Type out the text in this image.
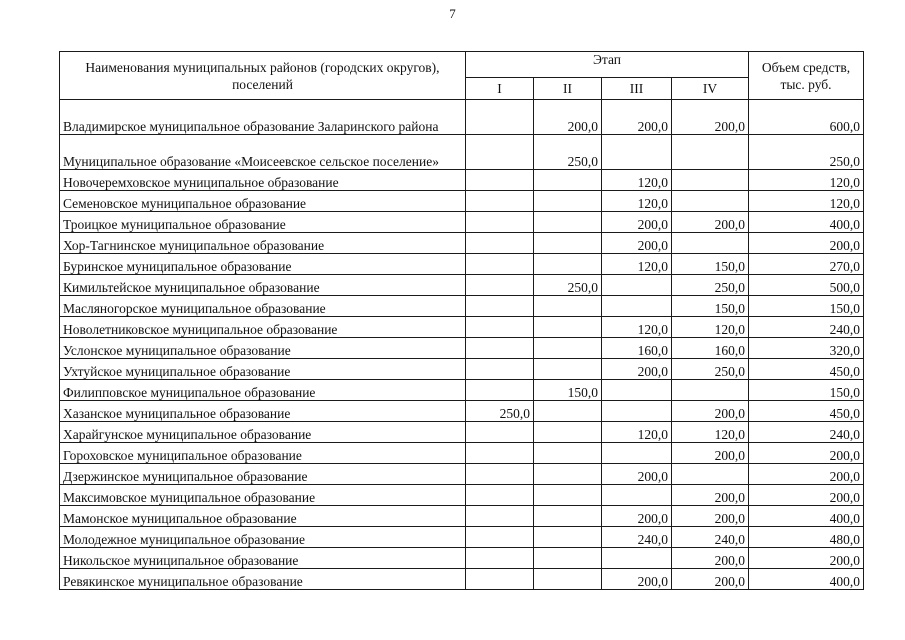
7
Наименования муниципальных районов (городских округов), поселений	Этап				Объем средств, тыс. руб.
	I	II	III	IV	
Владимирское муниципальное образование Заларинского района		200,0	200,0	200,0	600,0
Муниципальное образование «Моисеевское сельское поселение»		250,0			250,0
Новочеремховское муниципальное образование			120,0		120,0
Семеновское муниципальное образование			120,0		120,0
Троицкое муниципальное образование			200,0	200,0	400,0
Хор-Тагнинское муниципальное образование			200,0		200,0
Буринское муниципальное образование			120,0	150,0	270,0
Кимильтейское муниципальное образование		250,0		250,0	500,0
Масляногорское муниципальное образование				150,0	150,0
Новолетниковское муниципальное образование			120,0	120,0	240,0
Услонское муниципальное образование			160,0	160,0	320,0
Ухтуйское муниципальное образование			200,0	250,0	450,0
Филипповское муниципальное образование		150,0			150,0
Хазанское муниципальное образование	250,0			200,0	450,0
Харайгунское муниципальное образование			120,0	120,0	240,0
Гороховское муниципальное образование				200,0	200,0
Дзержинское муниципальное образование			200,0		200,0
Максимовское муниципальное образование				200,0	200,0
Мамонское муниципальное образование			200,0	200,0	400,0
Молодежное муниципальное образование			240,0	240,0	480,0
Никольское муниципальное образование				200,0	200,0
Ревякинское муниципальное образование			200,0	200,0	400,0
